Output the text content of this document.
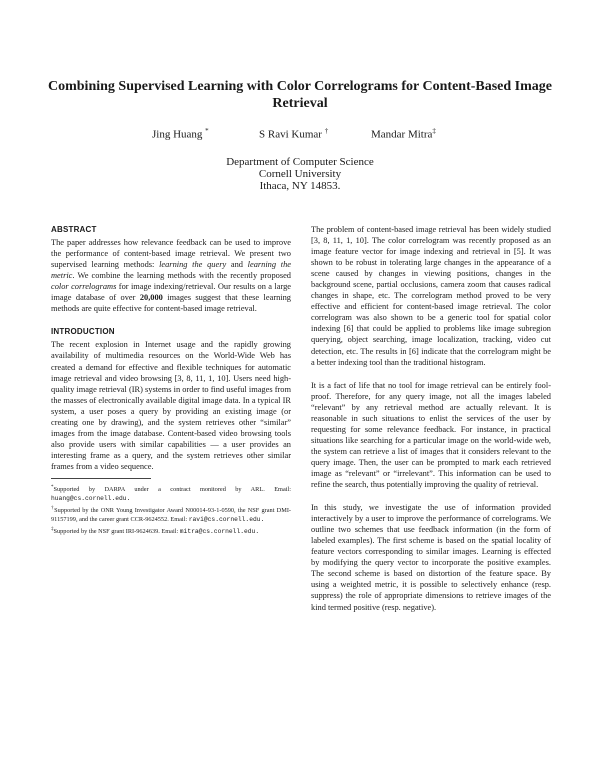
Combining Supervised Learning with Color Correlograms for Content-Based Image Retrieval
Jing Huang *	S Ravi Kumar †	Mandar Mitra‡
Department of Computer Science
Cornell University
Ithaca, NY 14853.
ABSTRACT

The paper addresses how relevance feedback can be used to improve the performance of content-based image retrieval. We present two supervised learning methods: learning the query and learning the metric. We combine the learning methods with the recently proposed color correlograms for image indexing/retrieval. Our results on a large image database of over 20,000 images suggest that these learning methods are quite effective for content-based image retrieval.

INTRODUCTION

The recent explosion in Internet usage and the rapidly growing availability of multimedia resources on the World-Wide Web has created a demand for effective and flexible techniques for automatic image retrieval and video browsing [3, 8, 11, 1, 10]. Users need high-quality image retrieval (IR) systems in order to find useful images from the masses of electronically available digital image data. In a typical IR system, a user poses a query by providing an existing image (or creating one by drawing), and the system retrieves other “similar” images from the image database. Content-based video browsing tools also provide users with similar capabilities — a user provides an interesting frame as a query, and the system retrieves other similar frames from a video sequence.

*Supported by DARPA under a contract monitored by ARL. Email: huang@cs.cornell.edu.
†Supported by the ONR Young Investigator Award N00014-93-1-0590, the NSF grant DMI-91157199, and the career grant CCR-9624552. Email: ravi@cs.cornell.edu.
‡Supported by the NSF grant IRI-9624639. Email: mitra@cs.cornell.edu.

The problem of content-based image retrieval has been widely studied [3, 8, 11, 1, 10]. The color correlogram was recently proposed as an image feature vector for image indexing and retrieval in [5]. It was shown to be robust in tolerating large changes in the appearance of a scene caused by changes in viewing positions, changes in the background scene, partial occlusions, camera zoom that causes radical changes in shape, etc. The correlogram method proved to be very effective and efficient for content-based image retrieval. The color correlogram was also shown to be a generic tool for spatial color indexing [6] that could be applied to problems like image subregion querying, object searching, image localization, tracking, video cut detection, etc. The results in [6] indicate that the correlogram might be a better indexing tool than the traditional histogram.

It is a fact of life that no tool for image retrieval can be entirely fool-proof. Therefore, for any query image, not all the images labeled “relevant” by any retrieval method are actually relevant. It is reasonable in such situations to enlist the services of the user by requesting for some relevance feedback. For instance, in practical situations like searching for a particular image on the world-wide web, the system can retrieve a list of images that it considers relevant to the query image. Then, the user can be prompted to mark each retrieved image as “relevant” or “irrelevant”. This information can be used to refine the search, thus potentially improving the quality of retrieval.

In this study, we investigate the use of information provided interactively by a user to improve the performance of correlograms. We outline two schemes that use feedback information (in the form of labeled examples). The first scheme is based on the spatial locality of feature vectors corresponding to similar images. Learning is effected by modifying the query vector to incorporate the positive examples. The second scheme is based on distortion of the feature space. By using a weighted metric, it is possible to selectively enhance (resp. suppress) the role of appropriate dimensions to retrieve images of the kind termed positive (resp. negative).
